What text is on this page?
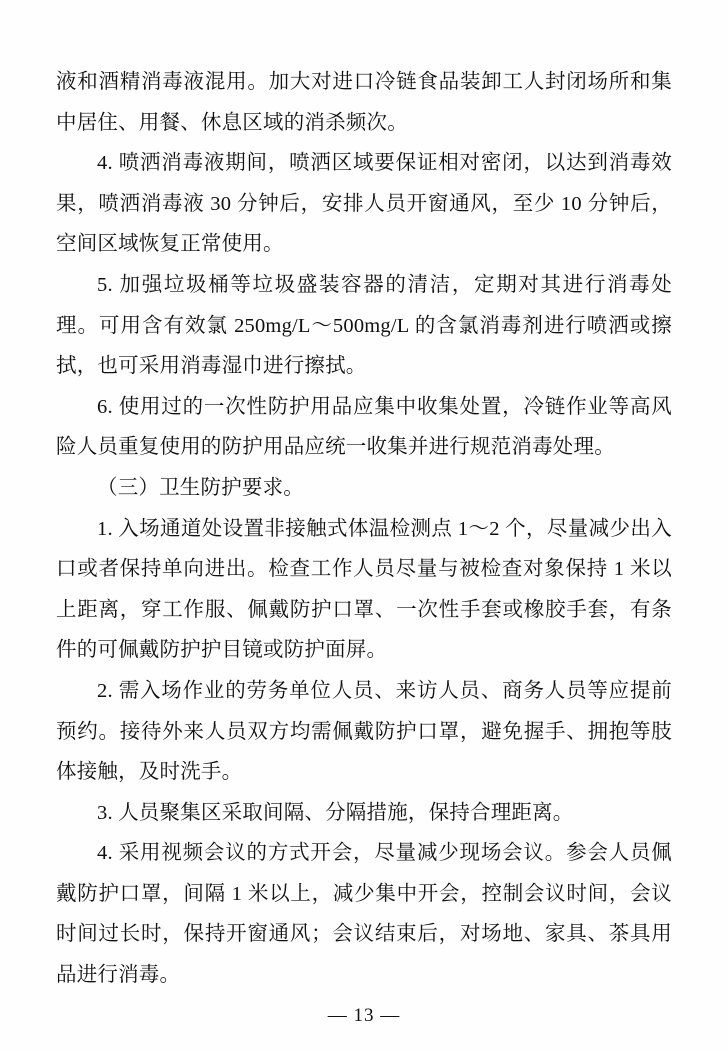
液和酒精消毒液混用。加大对进口冷链食品装卸工人封闭场所和集中居住、用餐、休息区域的消杀频次。

4. 喷洒消毒液期间，喷洒区域要保证相对密闭，以达到消毒效果，喷洒消毒液 30 分钟后，安排人员开窗通风，至少 10 分钟后，空间区域恢复正常使用。

5. 加强垃圾桶等垃圾盛装容器的清洁，定期对其进行消毒处理。可用含有效氯 250mg/L～500mg/L 的含氯消毒剂进行喷洒或擦拭，也可采用消毒湿巾进行擦拭。

6. 使用过的一次性防护用品应集中收集处置，冷链作业等高风险人员重复使用的防护用品应统一收集并进行规范消毒处理。

（三）卫生防护要求。

1. 入场通道处设置非接触式体温检测点 1～2 个，尽量减少出入口或者保持单向进出。检查工作人员尽量与被检查对象保持 1 米以上距离，穿工作服、佩戴防护口罩、一次性手套或橡胶手套，有条件的可佩戴防护护目镜或防护面屏。

2. 需入场作业的劳务单位人员、来访人员、商务人员等应提前预约。接待外来人员双方均需佩戴防护口罩，避免握手、拥抱等肢体接触，及时洗手。

3. 人员聚集区采取间隔、分隔措施，保持合理距离。

4. 采用视频会议的方式开会，尽量减少现场会议。参会人员佩戴防护口罩，间隔 1 米以上，减少集中开会，控制会议时间，会议时间过长时，保持开窗通风；会议结束后，对场地、家具、茶具用品进行消毒。

— 13 —
